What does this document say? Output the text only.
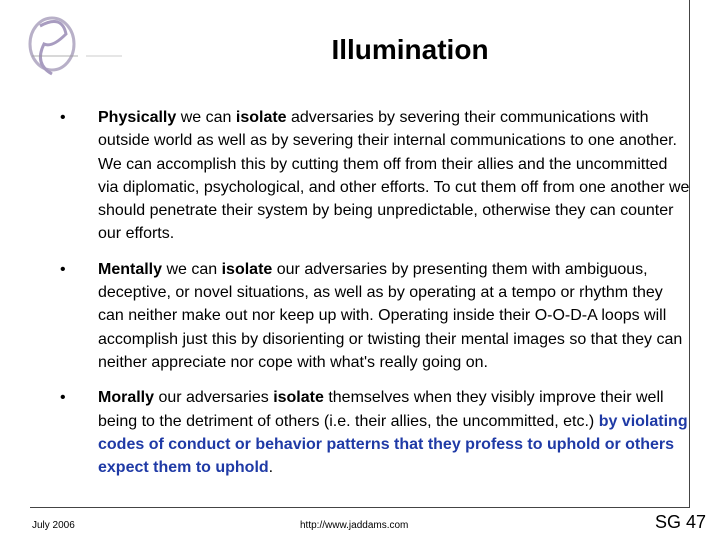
Illumination
• Physically we can isolate adversaries by severing their communications with outside world as well as by severing their internal communications to one another. We can accomplish this by cutting them off from their allies and the uncommitted via diplomatic, psychological, and other efforts. To cut them off from one another we should penetrate their system by being unpredictable, otherwise they can counter our efforts.
• Mentally we can isolate our adversaries by presenting them with ambiguous, deceptive, or novel situations, as well as by operating at a tempo or rhythm they can neither make out nor keep up with. Operating inside their O-O-D-A loops will accomplish just this by disorienting or twisting their mental images so that they can neither appreciate nor cope with what's really going on.
• Morally our adversaries isolate themselves when they visibly improve their well being to the detriment of others (i.e. their allies, the uncommitted, etc.) by violating codes of conduct or behavior patterns that they profess to uphold or others expect them to uphold.
July 2006	http://www.jaddams.com	SG 47
